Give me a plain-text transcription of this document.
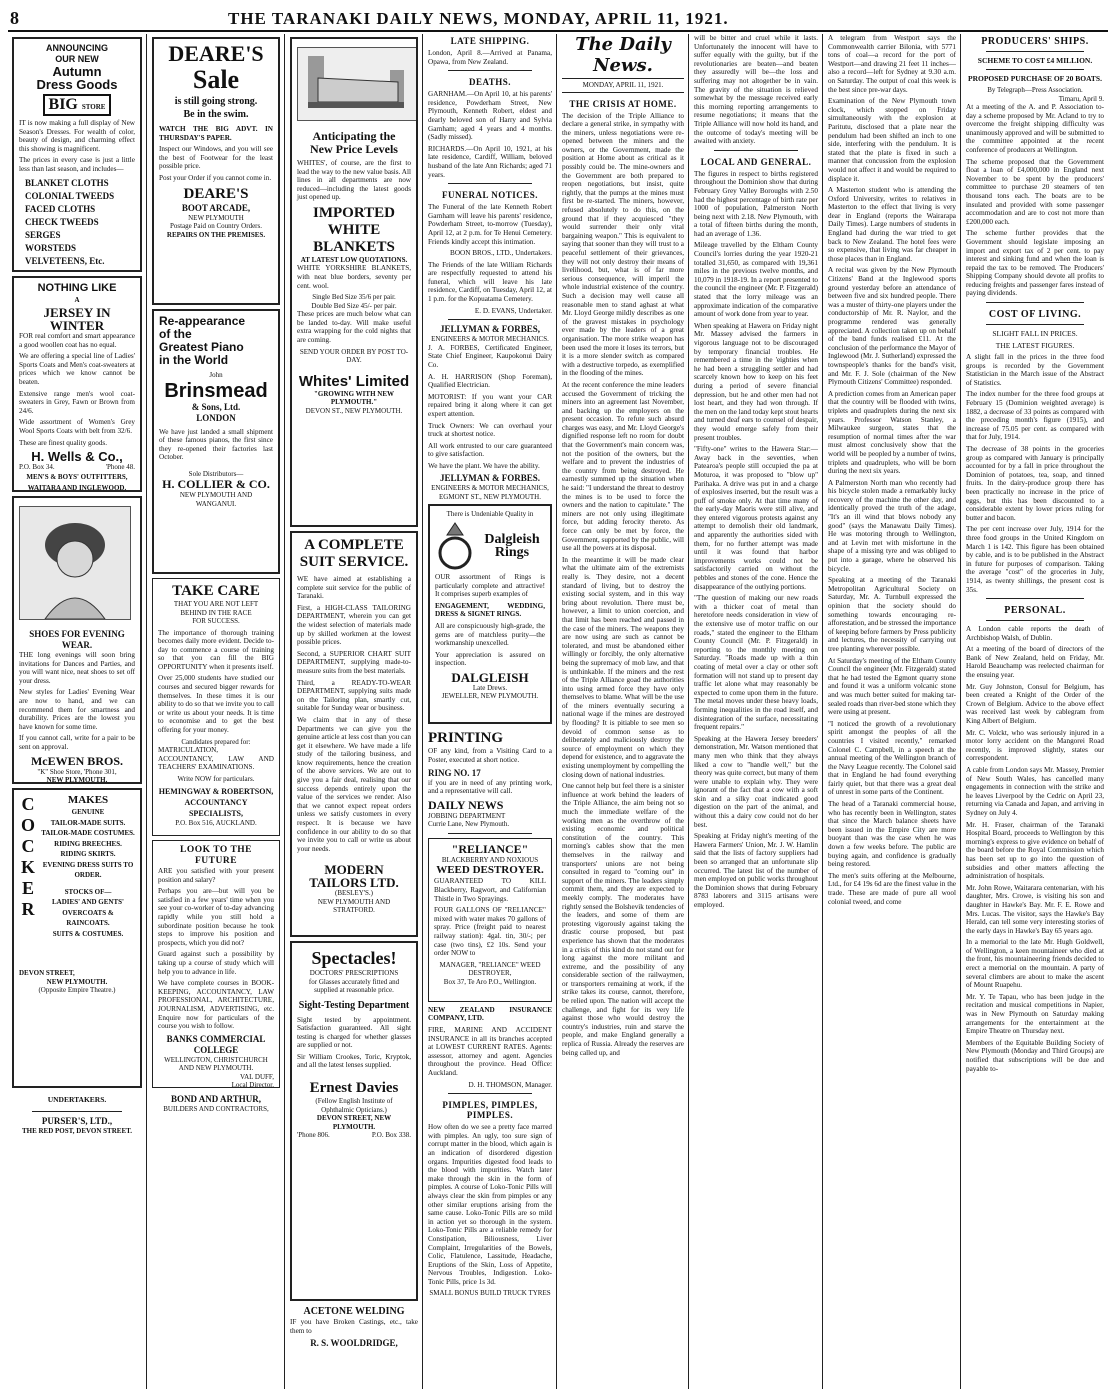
8	THE TARANAKI DAILY NEWS, MONDAY, APRIL 11, 1921.
ANNOUNCING
OUR NEW
Autumn
Dress Goods
BIG STORE

IT is now making a full display of New Season's Dresses. For wealth of color, beauty of design, and charming effect this showing is magnificent.

The prices in every case is just a little less than last season, and includes—

BLANKET CLOTHS
COLONIAL TWEEDS
FACED CLOTHS
CHECK TWEEDS
SERGES
WORSTEDS
VELVETEENS, Etc.
NOTHING LIKE
A
JERSEY IN
WINTER

FOR real comfort and smart appearance a good woollen coat has no equal.

We are offering a special line of Ladies' Sports Coats and Men's coat-sweaters at prices which we know cannot be beaten.

Extensive range men's wool coat-sweaters in Grey, Fawn or Brown from 24/6.

Wide assortment of Women's Grey Wool Sports Coats with belt from 32/6.

These are finest quality goods.

H. Wells & Co.,
P.O. Box 34.	'Phone 48.
MEN'S & BOYS' OUTFITTERS,
WAITARA AND INGLEWOOD.
SHOES FOR EVENING
WEAR.

THE long evenings will soon bring invitations for Dances and Parties, and you will want nice, neat shoes to set off your dress.

New styles for Ladies' Evening Wear are now to hand, and we can recommend them for smartness and durability. Prices are the lowest you have known for some time.

If you cannot call, write for a pair to be sent on approval.

McEWEN BROS.
"K" Shoe Store, 'Phone 301,
NEW PLYMOUTH.
C
O
C
K
E
R
MAKES
GENUINE
TAILOR-MADE SUITS.
TAILOR-MADE COSTUMES.
RIDING BREECHES.
RIDING SKIRTS.
EVENING DRESS SUITS TO ORDER.
STOCKS OF—
LADIES' AND GENTS' OVERCOATS & RAINCOATS.
SUITS & COSTUMES.
DEVON STREET,
NEW PLYMOUTH.
(Opposite Empire Theatre.)
UNDERTAKERS.
PURSER'S, LTD.,
THE RED POST, DEVON STREET.
DEARE'S
Sale
is still going strong.
Be in the swim.

WATCH THE BIG ADVT. IN THURSDAY'S PAPER.

Inspect our Windows, and you will see the best of Footwear for the least possible price.

Post your Order if you cannot come in.

DEARE'S
BOOT ARCADE,
NEW PLYMOUTH
Postage Paid on Country Orders.
REPAIRS ON THE PREMISES.
Re-appearance
of the
Greatest Piano
in the World
John
Brinsmead
& Sons, Ltd.
LONDON

We have just landed a small shipment of these famous pianos, the first since they re-opened their factories last October.

Sole Distributors—
H. COLLIER & CO.
NEW PLYMOUTH AND
WANGANUI.
TAKE CARE
THAT YOU ARE NOT LEFT
BEHIND IN THE RACE
FOR SUCCESS.

The importance of thorough training becomes daily more evident. Decide to-day to commence a course of training so that you can fill the BIG OPPORTUNITY when it presents itself.

Over 25,000 students have studied our courses and secured bigger rewards for themselves. In these times it is our ability to do so that we invite you to call or write us about your needs. It is time to economise and to get the best offering for your money.

Candidates prepared for:

MATRICULATION, ACCOUNTANCY, LAW AND TEACHERS' EXAMINATIONS.

Write NOW for particulars.
HEMINGWAY & ROBERTSON,
ACCOUNTANCY SPECIALISTS,
P.O. Box 516, AUCKLAND.
LOOK TO THE FUTURE

ARE you satisfied with your present position and salary?

Perhaps you are—but will you be satisfied in a few years' time when you see your co-worker of to-day advancing rapidly while you still hold a subordinate position because he took steps to improve his position and prospects, which you did not?

Guard against such a possibility by taking up a course of study which will help you to advance in life.

We have complete courses in BOOK-KEEPING, ACCOUNTANCY, LAW PROFESSIONAL, ARCHITECTURE, JOURNALISM, ADVERTISING, etc. Enquire now for particulars of the course you wish to follow.

BANKS COMMERCIAL
COLLEGE
WELLINGTON, CHRISTCHURCH AND NEW PLYMOUTH.
VAL DUFF,
Local Director.
BOND AND ARTHUR,
BUILDERS AND CONTRACTORS,
Anticipating the
New Price Levels

WHITES', of course, are the first to lead the way to the new value basis. All lines in all departments are now reduced—including the latest goods just opened up.

IMPORTED
WHITE
BLANKETS
AT LATEST LOW QUOTATIONS.

WHITE YORKSHIRE BLANKETS, with neat blue borders, seventy per cent. wool.

Single Bed Size 35/6 per pair.
Double Bed Size 45/- per pair.

These prices are much below what can be landed to-day. Will make useful extra wrapping for the cold nights that are coming.

SEND YOUR ORDER BY POST TO-DAY.
Whites' Limited
"GROWING WITH NEW PLYMOUTH."
DEVON ST., NEW PLYMOUTH.
A COMPLETE
SUIT SERVICE.

WE have aimed at establishing a complete suit service for the public of Taranaki.

First, a HIGH-CLASS TAILORING DEPARTMENT, wherein you can get the widest selection of materials made up by skilled workmen at the lowest possible prices.

Second, a SUPERIOR CHART SUIT DEPARTMENT, supplying made-to-measure suits from the best materials.

Third, a READY-TO-WEAR DEPARTMENT, supplying suits made on the Tailoring plan, smartly cut, suitable for Sunday wear or business.

We claim that in any of these Departments we can give you the genuine article at less cost than you can get it elsewhere. We have made a life study of the tailoring business, and know requirements, hence the creation of the above services. We are out to give you a fair deal, realising that our success depends entirely upon the value of the services we render. Also that we cannot expect repeat orders unless we satisfy customers in every respect. It is because we have confidence in our ability to do so that we invite you to call or write us about your needs.

MODERN
TAILORS LTD.
(BESLEY'S.)
NEW PLYMOUTH AND STRATFORD.
Spectacles!
DOCTORS' PRESCRIPTIONS
for Glasses accurately fitted and supplied at reasonable price.
Sight-Testing Department

Sight tested by appointment. Satisfaction guaranteed. All sight testing is charged for whether glasses are supplied or not.

Sir William Crookes, Toric, Kryptok, and all the latest lenses supplied.

Ernest Davies
(Fellow English Institute of
Ophthalmic Opticians.)
DEVON STREET, NEW PLYMOUTH.
'Phone 806.	P.O. Box 338.
ACETONE WELDING

IF you have Broken Castings, etc., take them to

R. S. WOOLDRIDGE,
LATE SHIPPING.

London, April 8.—Arrived at Panama, Opawa, from New Zealand.

DEATHS.

GARNHAM.—On April 10, at his parents' residence, Powderham Street, New Plymouth, Kenneth Robert, eldest and dearly beloved son of Harry and Sylvia Garnham; aged 4 years and 4 months. (Sadly missed).

RICHARDS.—On April 10, 1921, at his late residence, Cardiff, William, beloved husband of the late Ann Richards; aged 71 years.

FUNERAL NOTICES.

The Funeral of the late Kenneth Robert Garnham will leave his parents' residence, Powderham Street, to-morrow (Tuesday), April 12, at 2 p.m. for Te Henui Cemetery. Friends kindly accept this intimation.

BOON BROS., LTD., Undertakers.

The Friends of the late William Richards are respectfully requested to attend his funeral, which will leave his late residence, Cardiff, on Tuesday, April 12, at 1 p.m. for the Kopuatama Cemetery.

E. D. EVANS, Undertaker.

JELLYMAN & FORBES,
ENGINEERS & MOTOR MECHANICS.

J. A. FORBES, Certificated Engineer, State Chief Engineer, Kaupokonui Dairy Co.

A. H. HARRISON (Shop Foreman), Qualified Electrician.

MOTORIST: If you want your CAR repaired bring it along where it can get expert attention.

Truck Owners: We can overhaul your truck at shortest notice.

All work entrusted to our care guaranteed to give satisfaction.

We have the plant. We have the ability.

JELLYMAN & FORBES.
ENGINEERS & MOTOR MECHANICS,
EGMONT ST., NEW PLYMOUTH.
There is Undeniable Quality in
Dalgleish
Rings

OUR assortment of Rings is particularly complete and attractive! It comprises superb examples of

ENGAGEMENT, WEDDING, DRESS & SIGNET RINGS.

All are conspicuously high-grade, the gems are of matchless purity—the workmanship unexcelled.

Your appreciation is assured on inspection.

DALGLEISH
Late Drews.
JEWELLER, NEW PLYMOUTH.
PRINTING

OF any kind, from a Visiting Card to a Poster, executed at short notice.

RING NO. 17

if you are in need of any printing work, and a representative will call.

DAILY NEWS
JOBBING DEPARTMENT
Currie Lane, New Plymouth.
"RELIANCE"
BLACKBERRY AND NOXIOUS
WEED DESTROYER.

GUARANTEED TO KILL Blackberry, Ragwort, and Californian Thistle in Two Sprayings.

FOUR GALLONS OF "RELIANCE" mixed with water makes 70 gallons of spray. Price (freight paid to nearest railway station): 4gal. tin, 30/-; per case (two tins), £2 10s. Send your order NOW to

MANAGER, "RELIANCE" WEED DESTROYER,
Box 37, Te Aro P.O., Wellington.

NEW ZEALAND INSURANCE COMPANY, LTD.

FIRE, MARINE AND ACCIDENT INSURANCE in all its branches accepted at LOWEST CURRENT RATES. Agents: assessor, attorney and agent. Agencies throughout the province. Head Office: Auckland.

D. H. THOMSON, Manager.

PIMPLES, PIMPLES, PIMPLES.

How often do we see a pretty face marred with pimples. An ugly, too sure sign of corrupt matter in the blood, which again is an indication of disordered digestion organs. Impurities digested food leads to the blood with impurities. Watch later make through the skin in the form of pimples. A course of Loko-Tonic Pills will always clear the skin from pimples or any other similar eruptions arising from the same cause. Loko-Tonic Pills are so mild in action yet so thorough in the system. Loko-Tonic Pills are a reliable remedy for Constipation, Biliousness, Liver Complaint, Irregularities of the Bowels, Colic, Flatulence, Lassitude, Headache, Eruptions of the Skin, Loss of Appetite, Nervous Troubles, Indigestion. Loko-Tonic Pills, price 1s 3d.

SMALL BONUS BUILD TRUCK TYRES
The Daily News.
MONDAY, APRIL 11, 1921.
THE CRISIS AT HOME.

The decision of the Triple Alliance to declare a general strike, in sympathy with the miners, unless negotiations were re-opened between the miners and the owners, or the Government, made the position at Home about as critical as it possibly could be. The mine-owners and the Government are both prepared to reopen negotiations, but insist, quite rightly, that the pumps at the mines must first be re-started. The miners, however, refused absolutely to do this, on the ground that if they acquiesced "they would surrender their only vital bargaining weapon." This is equivalent to saying that sooner than they will trust to a peaceful settlement of their grievances, they will not only destroy their means of livelihood, but, what is of far more serious consequence, will imperil the whole industrial existence of the country. Such a decision may well cause all reasonable men to stand aghast at what Mr. Lloyd George mildly describes as one of the gravest mistakes in psychology ever made by the leaders of a great organisation. The more strike weapon has been used the more it loses its terrors, but it is a more slender switch as compared with a destructive torpedo, as exemplified in the flooding of the mines.

At the recent conference the mine leaders accused the Government of tricking the miners into an agreement last November, and backing up the employers on the present occasion. To refute such absurd charges was easy, and Mr. Lloyd George's dignified response left no room for doubt that the Government's main concern was, not the position of the owners, but the welfare and to prevent the industries of the country from being destroyed. He earnestly summed up the situation when he said: "I understand the threat to destroy the mines is to be used to force the owners and the nation to capitulate." The miners are not only using illegitimate force, but adding ferocity thereto. As force can only be met by force, the Government, supported by the public, will use all the powers at its disposal.

In the meantime it will be made clear what the ultimate aim of the extremists really is. They desire, not a decent standard of living, but to destroy the existing social system, and in this way bring about revolution. There must be, however, a limit to union coercion, and that limit has been reached and passed in the case of the miners. The weapons they are now using are such as cannot be tolerated, and must be abandoned either willingly or forcibly, the only alternative being the supremacy of mob law, and that is unthinkable. If the miners and the rest of the Triple Alliance goad the authorities into using armed force they have only themselves to blame. What will be the use of the miners eventually securing a national wage if the mines are destroyed by flooding? It is pitiable to see men so devoid of common sense as to deliberately and maliciously destroy the source of employment on which they depend for existence, and to aggravate the existing unemployment by compelling the closing down of national industries.

One cannot help but feel there is a sinister influence at work behind the leaders of the Triple Alliance, the aim being not so much the immediate welfare of the working men as the overthrow of the existing economic and political constitution of the country. This morning's cables show that the men themselves in the railway and transporters' unions are not being consulted in regard to "coming out" in support of the miners. The leaders simply commit them, and they are expected to meekly comply. The moderates have rightly sensed the Bolshevik tendencies of the leaders, and some of them are protesting vigorously against taking the drastic course proposed, but past experience has shown that the moderates in a crisis of this kind do not stand out for long against the more militant and extreme, and the possibility of any considerable section of the railwaymen, or transporters remaining at work, if the strike takes its course, cannot, therefore, be relied upon. The nation will accept the challenge, and fight for its very life against those who would destroy the country's industries, ruin and starve the people, and make England generally a replica of Russia. Already the reserves are being called up, and

will be bitter and cruel while it lasts. Unfortunately the innocent will have to suffer equally with the guilty, but if the revolutionaries are beaten—and beaten they assuredly will be—the loss and suffering may not altogether be in vain. The gravity of the situation is relieved somewhat by the message received early this morning reporting arrangements to resume negotiations; it means that the Triple Alliance will now hold its hand, and the outcome of today's meeting will be awaited with anxiety.

LOCAL AND GENERAL.

The figures in respect to births registered throughout the Dominion show that during February Grey Valley Boroughs with 2.50 had the highest percentage of birth rate per 1000 of population, Palmerston North being next with 2.18. New Plymouth, with a total of fifteen births during the month, had an average of 1.36.

Mileage travelled by the Eltham County Council's lorries during the year 1920-21 totalled 31,650, as compared with 19,361 miles in the previous twelve months, and 10,079 in 1918-19. In a report presented to the council the engineer (Mr. P. Fitzgerald) stated that the lorry mileage was an approximate indication of the comparative amount of work done from year to year.

When speaking at Hawera on Friday night Mr. Massey advised the farmers in vigorous language not to be discouraged by temporary financial troubles. He remembered a time in the 'eighties when he had been a struggling settler and had scarcely known how to keep on his feet during a period of severe financial depression, but he and other men had not lost heart, and they had won through. If the men on the land today kept stout hearts and turned deaf ears to counsel of despair, they would emerge safely from their present troubles.

"Fifty-one" writes to the Hawera Star:—Away back in the seventies, when Patearoa's people still occupied the pa at Moturoa, it was proposed to "blow up" Parihaka. A drive was put in and a charge of explosives inserted, but the result was a puff of smoke only. At that time many of the early-day Maoris were still alive, and they entered vigorous protests against any attempt to demolish their old landmark, and apparently the authorities sided with them, for no further attempt was made until it was found that harbor improvements works could not be satisfactorily carried on without the pebbles and stones of the cone. Hence the disappearance of the outlying portions.

"The question of making our new roads with a thicker coat of metal than heretofore needs consideration in view of the extensive use of motor traffic on our roads," stated the engineer to the Eltham County Council (Mr. P. Fitzgerald) in reporting to the monthly meeting on Saturday. "Roads made up with a thin coating of metal over a clay or other soft formation will not stand up to present day traffic let alone what may reasonably be expected to come upon them in the future. The metal moves under these heavy loads, forming inequalities in the road itself, and disintegration of the surface, necessitating frequent repairs."

Speaking at the Hawera Jersey breeders' demonstration, Mr. Watson mentioned that many men who think that they always liked a cow to "handle well," but the theory was quite correct, but many of them were unable to explain why. They were ignorant of the fact that a cow with a soft skin and a silky coat indicated good digestion on the part of the animal, and without this a dairy cow could not do her best.

Speaking at Friday night's meeting of the Hawera Farmers' Union, Mr. J. W. Hamlin said that the lists of factory suppliers had been so arranged that an unfortunate slip occurred. The latest list of the number of men employed on public works throughout the Dominion shows that during February 8783 laborers and 3115 artisans were employed.

A telegram from Westport says the Commonwealth carrier Bilonia, with 5771 tons of coal—a record for the port of Westport—and drawing 21 feet 11 inches—also a record—left for Sydney at 9.30 a.m. on Saturday. The output of coal this week is the best since pre-war days.

Examination of the New Plymouth town clock, which stopped on Friday simultaneously with the explosion at Paritutu, disclosed that a plate near the pendulum had been shifted an inch to one side, interfering with the pendulum. It is stated that the plate is fixed in such a manner that concussion from the explosion would not affect it and would be required to displace it.

A Masterton student who is attending the Oxford University, writes to relatives in Masterton to the effect that living is very dear in England (reports the Wairarapa Daily Times). Large numbers of students in England had during the war tried to get back to New Zealand. The hotel fees were so expensive, that living was far cheaper in those places than in England.

A recital was given by the New Plymouth Citizens' Band at the Inglewood sports ground yesterday before an attendance of between five and six hundred people. There was a muster of thirty-one players under the conductorship of Mr. R. Naylor, and the programme rendered was generally appreciated. A collection taken up on behalf of the band funds realised £11. At the conclusion of the performance the Mayor of Inglewood (Mr. J. Sutherland) expressed the townspeople's thanks for the band's visit, and Mr. F. J. Sole (chairman of the New Plymouth Citizens' Committee) responded.

A prediction comes from an American paper that the country will be flooded with twins, triplets and quadruplets during the next six years. Professor Watson Stanley, a Milwaukee surgeon, states that the resumption of normal times after the war must almost conclusively show that the world will be peopled by a number of twins, triplets and quadruplets, who will be born during the next six years.

A Palmerston North man who recently had his bicycle stolen made a remarkably lucky recovery of the machine the other day, and identically proved the truth of the adage, "It's an ill wind that blows nobody any good" (says the Manawatu Daily Times). He was motoring through to Wellington, and at Levin met with misfortune in the shape of a missing tyre and was obliged to put into a garage, where he observed his bicycle.

Speaking at a meeting of the Taranaki Metropolitan Agricultural Society on Saturday, Mr. A. Turnbull expressed the opinion that the society should do something towards encouraging re-afforestation, and be stressed the importance of keeping before farmers by Press publicity and lectures, the necessity of carrying out tree planting wherever possible.

At Saturday's meeting of the Eltham County Council the engineer (Mr. Fitzgerald) stated that he had tested the Egmont quarry stone and found it was a uniform volcanic stone and was much better suited for making tar-sealed roads than river-bed stone which they were using at present.

"I noticed the growth of a revolutionary spirit amongst the peoples of all the countries I visited recently," remarked Colonel C. Campbell, in a speech at the annual meeting of the Wellington branch of the Navy League recently. The Colonel said that in England he had found everything fairly quiet, but that there was a great deal of unrest in some parts of the Continent.

The head of a Taranaki commercial house, who has recently been in Wellington, states that since the March balance sheets have been issued in the Empire City are more buoyant than was the case when he was down a few weeks before. The public are buying again, and confidence is gradually being restored.

The men's suits offering at the Melbourne, Ltd., for £4 19s 6d are the finest value in the trade. These are made of pure all wool colonial tweed, and come

PRODUCERS' SHIPS.
SCHEME TO COST £4 MILLION.
PROPOSED PURCHASE OF 20 BOATS.
By Telegraph—Press Association.
Timaru, April 9.

At a meeting of the A. and P. Association to-day a scheme proposed by Mr. Acland to try to overcome the freight shipping difficulty was unanimously approved and will be submitted to the committee appointed at the recent conference of producers at Wellington.

The scheme proposed that the Government float a loan of £4,000,000 in England next November to be spent by the producers' committee to purchase 20 steamers of ten thousand tons each. The boats are to be insulated and provided with some passenger accommodation and are to cost not more than £200,000 each.

The scheme further provides that the Government should legislate imposing an import and export tax of 2 per cent. to pay interest and sinking fund and when the loan is repaid the tax to be removed. The Producers' Shipping Company should devote all profits to reducing freights and passenger fares instead of paying dividends.

COST OF LIVING.
SLIGHT FALL IN PRICES.
THE LATEST FIGURES.

A slight fall in the prices in the three food groups is recorded by the Government Statistician in the March issue of the Abstract of Statistics.

The index number for the three food groups at February 15 (Dominion weighted average) is 1882, a decrease of 33 points as compared with the preceding month's figure (1915), and increase of 75.05 per cent. as compared with that for July, 1914.

The decrease of 38 points in the groceries group as compared with January is principally accounted for by a fall in price throughout the Dominion of potatoes, tea, soap, and tinned fruits. In the dairy-produce group there has been practically no increase in the price of eggs, but this has been discounted to a considerable extent by lower prices ruling for butter and bacon.

The per cent increase over July, 1914 for the three food groups in the United Kingdom on March 1 is 142. This figure has been obtained by cable, and is to be published in the Abstract in future for purposes of comparison. Taking the average "cost" of the groceries in July, 1914, as twenty shillings, the present cost is 35s.

PERSONAL.

A London cable reports the death of Archbishop Walsh, of Dublin.

At a meeting of the board of directors of the Bank of New Zealand, held on Friday, Mr. Harold Beauchamp was reelected chairman for the ensuing year.

Mr. Guy Johnston, Consul for Belgium, has been created a Knight of the Order of the Crown of Belgium. Advice to the above effect was received last week by cablegram from King Albert of Belgium.

Mr. C. Volckt, who was seriously injured in a motor lorry accident on the Mangorei Road recently, is improved slightly, states our correspondent.

A cable from London says Mr. Massey, Premier of New South Wales, has cancelled many engagements in connection with the strike and he leaves Liverpool by the Cedric on April 23, returning via Canada and Japan, and arriving in Sydney on July 4.

Mr. H. Fraser, chairman of the Taranaki Hospital Board, proceeds to Wellington by this morning's express to give evidence on behalf of the board before the Royal Commission which has been set up to go into the question of subsidies and other matters affecting the administration of hospitals.

Mr. John Rowe, Waitarara centenarian, with his daughter, Mrs. Crowe, is visiting his son and daughter in Hawke's Bay. Mr. F. E. Rowe and Mrs. Lucas. The visitor, says the Hawke's Bay Herald, can tell some very interesting stories of the early days in Hawke's Bay 65 years ago.

In a memorial to the late Mr. Hugh Goldwell, of Wellington, a keen mountaineer who died at the front, his mountaineering friends decided to erect a memorial on the mountain. A party of several climbers are about to make the ascent of Mount Ruapehu.

Mr. Y. Te Tapau, who has been judge in the recitation and musical competitions in Napier, was in New Plymouth on Saturday making arrangements for the entertainment at the Empire Theatre on Thursday next.

Members of the Equitable Building Society of New Plymouth (Monday and Third Groups) are notified that subscriptions will be due and payable to-
